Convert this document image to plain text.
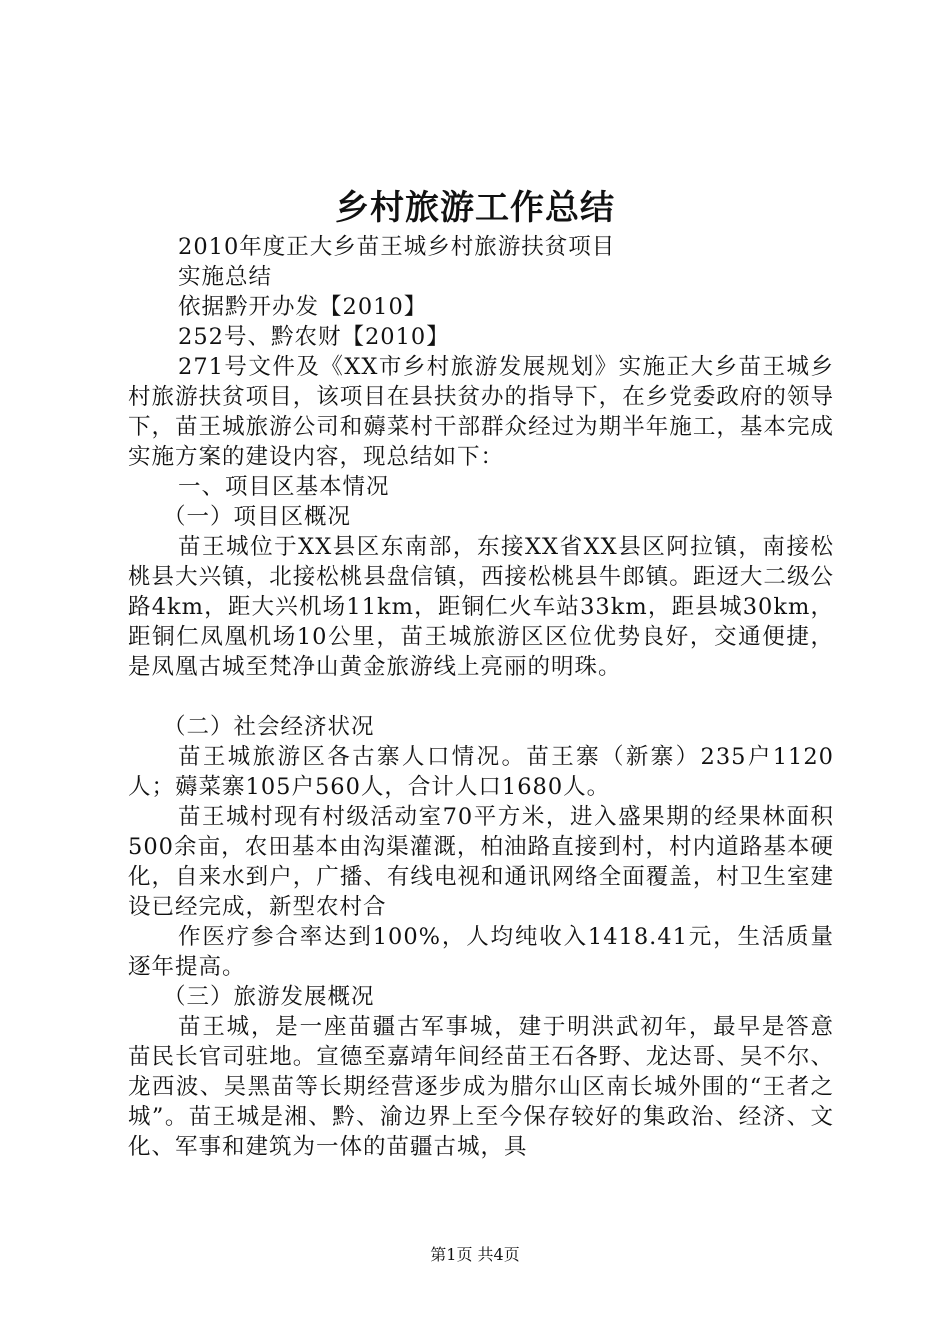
乡村旅游工作总结

2010年度正大乡苗王城乡村旅游扶贫项目

实施总结

依据黔开办发【2010】

252号、黔农财【2010】

271号文件及《XX市乡村旅游发展规划》实施正大乡苗王城乡村旅游扶贫项目，该项目在县扶贫办的指导下，在乡党委政府的领导下，苗王城旅游公司和薅菜村干部群众经过为期半年施工，基本完成实施方案的建设内容，现总结如下：

一、项目区基本情况

（一）项目区概况

苗王城位于XX县区东南部，东接XX省XX县区阿拉镇，南接松桃县大兴镇，北接松桃县盘信镇，西接松桃县牛郎镇。距迓大二级公路4km，距大兴机场11km，距铜仁火车站33km，距县城30km，距铜仁凤凰机场10公里，苗王城旅游区区位优势良好，交通便捷，是凤凰古城至梵净山黄金旅游线上亮丽的明珠。

（二）社会经济状况

苗王城旅游区各古寨人口情况。苗王寨（新寨）235户1120人；薅菜寨105户560人，合计人口1680人。

苗王城村现有村级活动室70平方米，进入盛果期的经果林面积500余亩，农田基本由沟渠灌溉，柏油路直接到村，村内道路基本硬化，自来水到户，广播、有线电视和通讯网络全面覆盖，村卫生室建设已经完成，新型农村合

作医疗参合率达到100%，人均纯收入1418.41元，生活质量逐年提高。

（三）旅游发展概况

苗王城，是一座苗疆古军事城，建于明洪武初年，最早是答意苗民长官司驻地。宣德至嘉靖年间经苗王石各野、龙达哥、吴不尔、龙西波、吴黑苗等长期经营逐步成为腊尔山区南长城外围的“王者之城”。苗王城是湘、黔、渝边界上至今保存较好的集政治、经济、文化、军事和建筑为一体的苗疆古城，具

第1页 共4页
